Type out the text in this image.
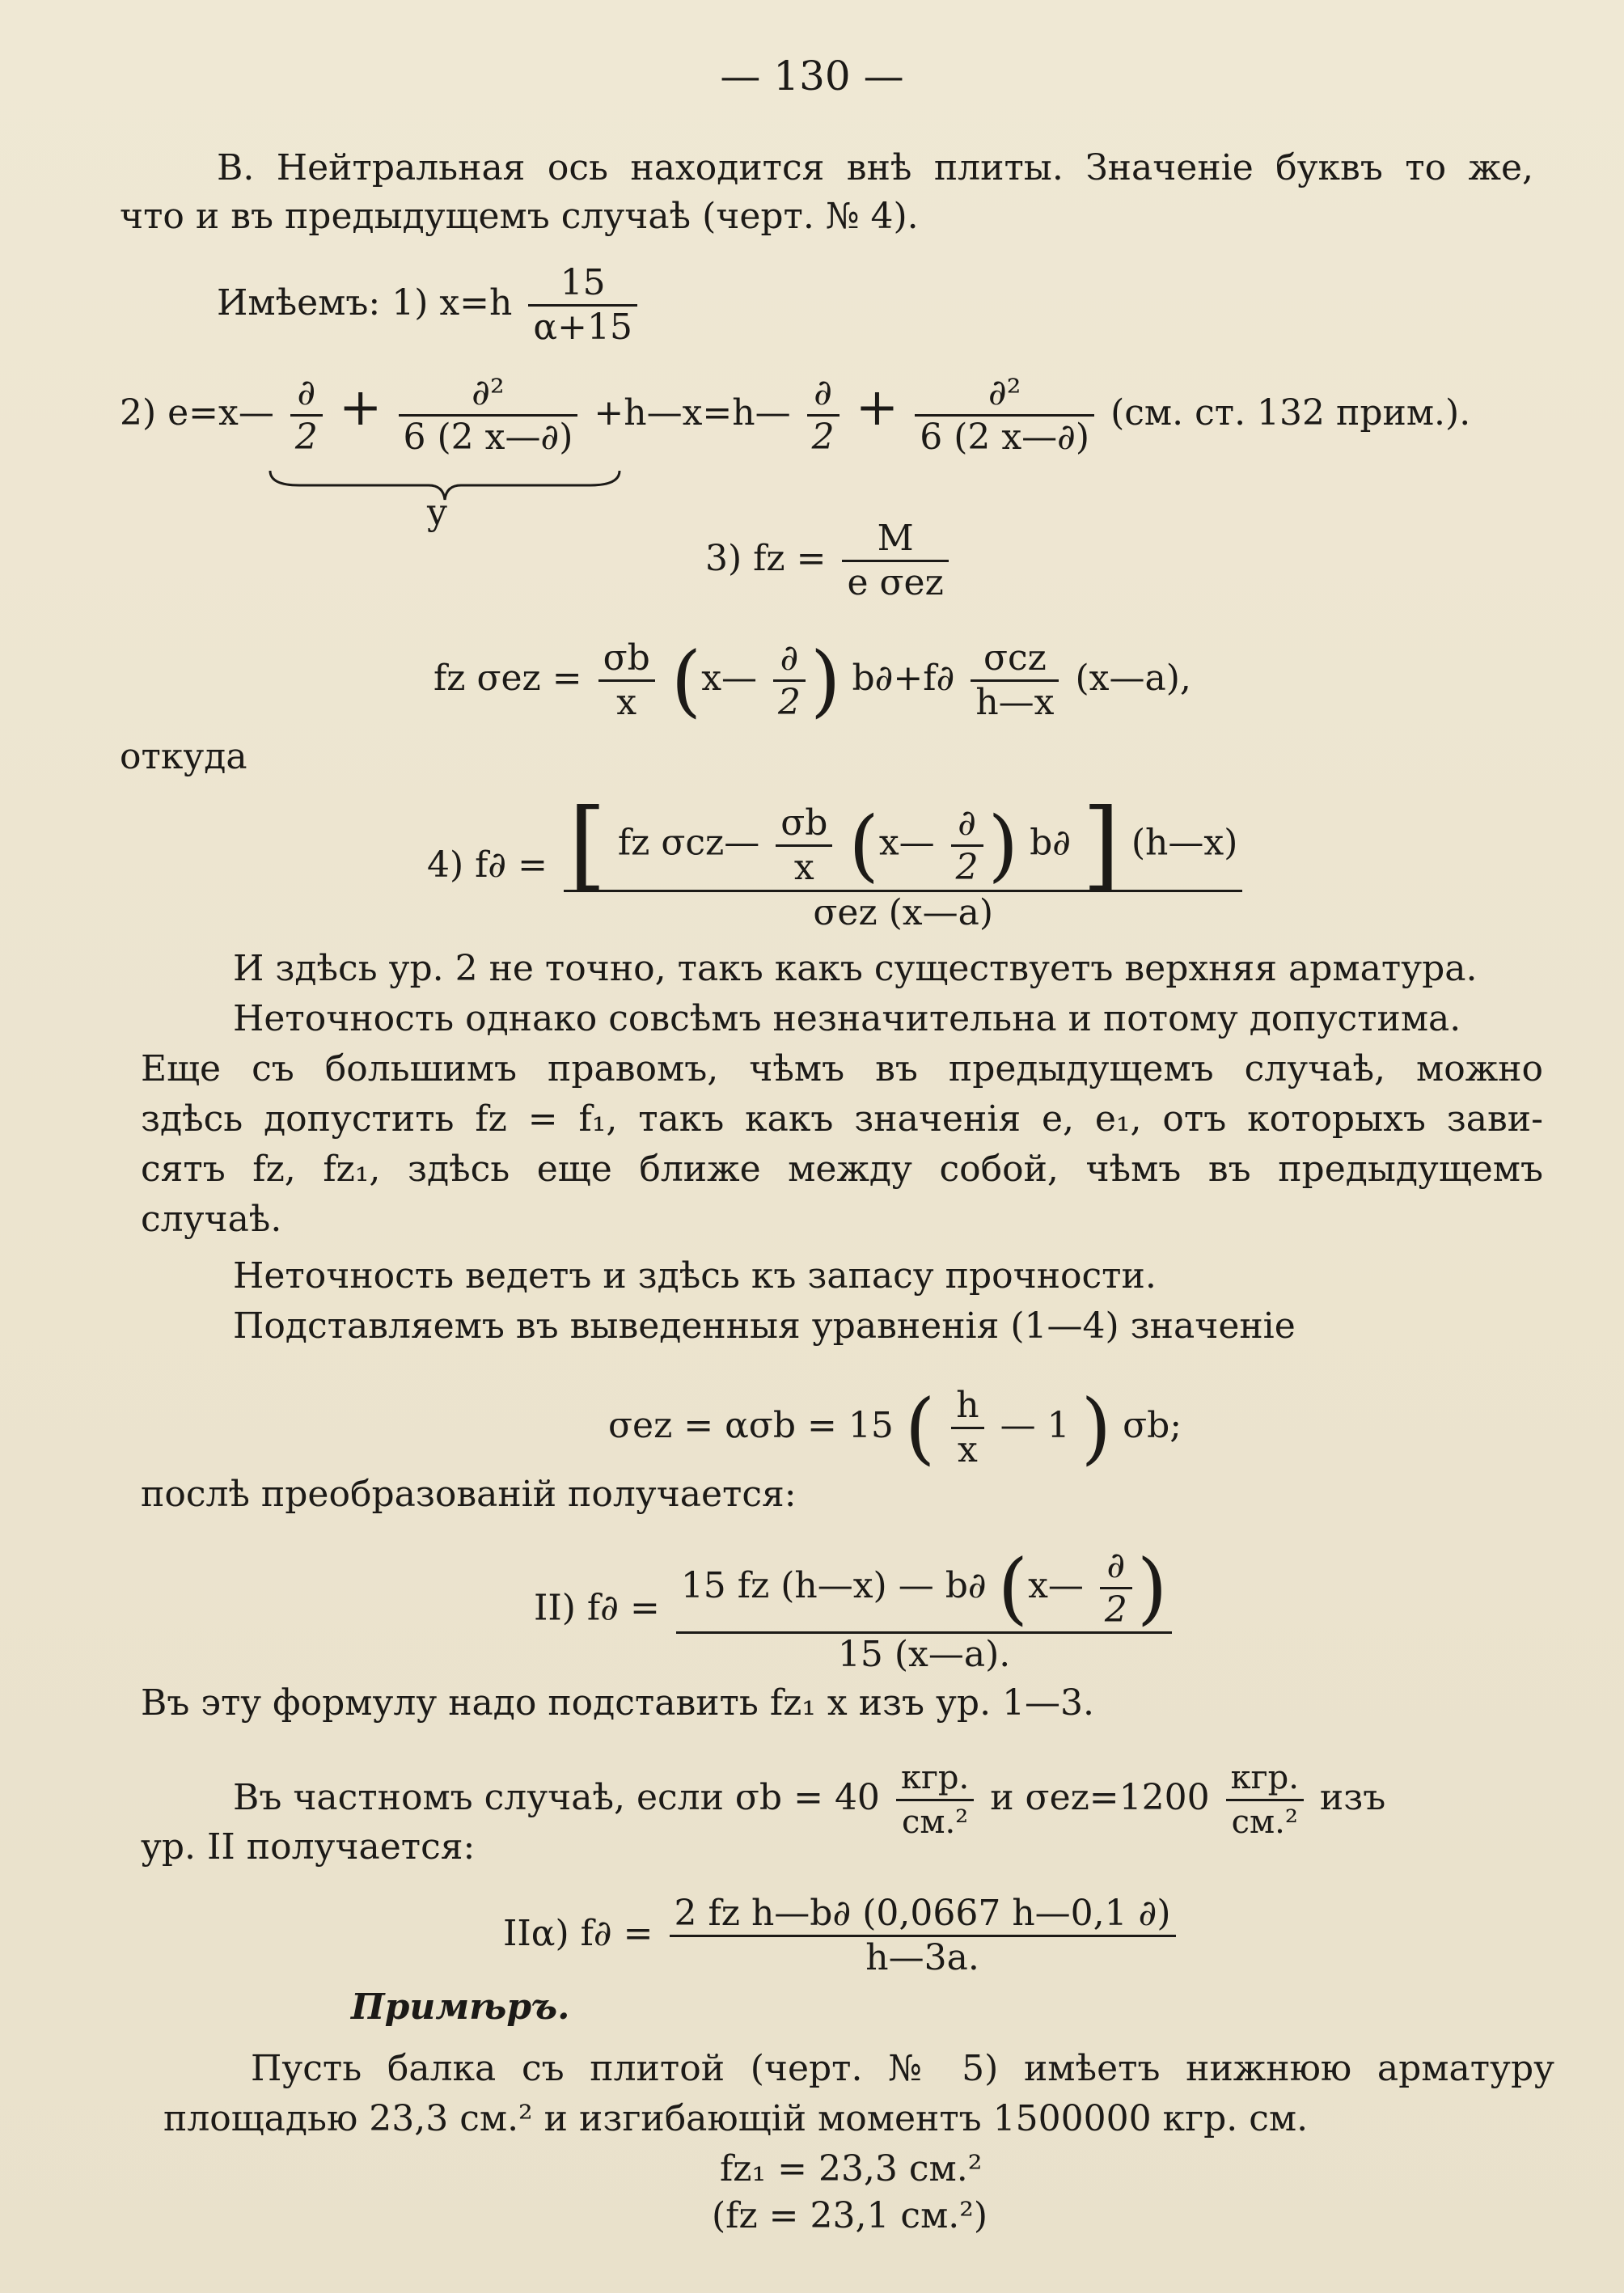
— 130 —
В. Нейтральная ось находится внѣ плиты. Значеніе буквъ то же,
что и въ предыдущемъ случаѣ (черт. № 4).
Имѣемъ: 1) $x=h \frac{15}{\alpha+15}$
2) e=x— $\frac{\partial}{2} + \frac{\text{∂²}}{6 (2 x—\partial)}$ +h—x=h— $\frac{\partial}{2} + \frac{\text{∂²}}{6 (2 x—\partial)} (см$. ст. 132 прим.).
y
3) fz = $\frac{M}{\text{e σez}}$
fz $\sigma ez = \frac{\sigma b}{x}$ (x— $\frac{\partial}{2}$ ) $b\partial+f\partial \frac{\text{σcz}}{h—x}$ (x—a),
откуда
4) f∂ = [ fz σcz— $\frac{\sigma b}{x}$ (x— $\frac{\partial}{2}$ ) b∂ ] (h—x)
σez (x—a)
И здѣсь ур. 2 не точно, такъ какъ существуетъ верхняя арматура.
Неточность однако совсѣмъ незначительна и потому допустима.
Еще съ большимъ правомъ, чѣмъ въ предыдущемъ случаѣ, можно
здѣсь допустить fz = f₁, такъ какъ значенія e, e₁, отъ которыхъ зави-
сятъ fz, fz₁, здѣсь еще ближе между собой, чѣмъ въ предыдущемъ
случаѣ.
Неточность ведетъ и здѣсь къ запасу прочности.
Подставляемъ въ выведенныя уравненія (1—4) значеніе
σez = ασb = 15 ( $\frac{h}{x}$ — 1 ) σb;
послѣ преобразованій получается:
II) $f\partial = \frac{15 fz (h—x) — b\partial (x— \frac{\partial}{2} )}{15 (x—a).}$
Въ эту формулу надо подставить fz₁ x изъ ур. 1—3.
Въ частномъ случаѣ, если $\sigma b = 40 \frac{\text{кгр.}}{\text{см.²}}$ и $\sigma ez=1200 \frac{\text{кгр.}}{\text{см.²}}$ изъ
ур. II получается:
IIα) $f\partial = \frac{\text{2 fz h—b∂ (0,0667 h—0,1 ∂)}}{h—3a.}$
Примѣръ.
Пусть балка съ плитой (черт. № 5) имѣетъ нижнюю арматуру
площадью 23,3 см.² и изгибающій моментъ 1500000 кгр. см.
fz₁ = 23,3 см.²
(fz = 23,1 см.²)
